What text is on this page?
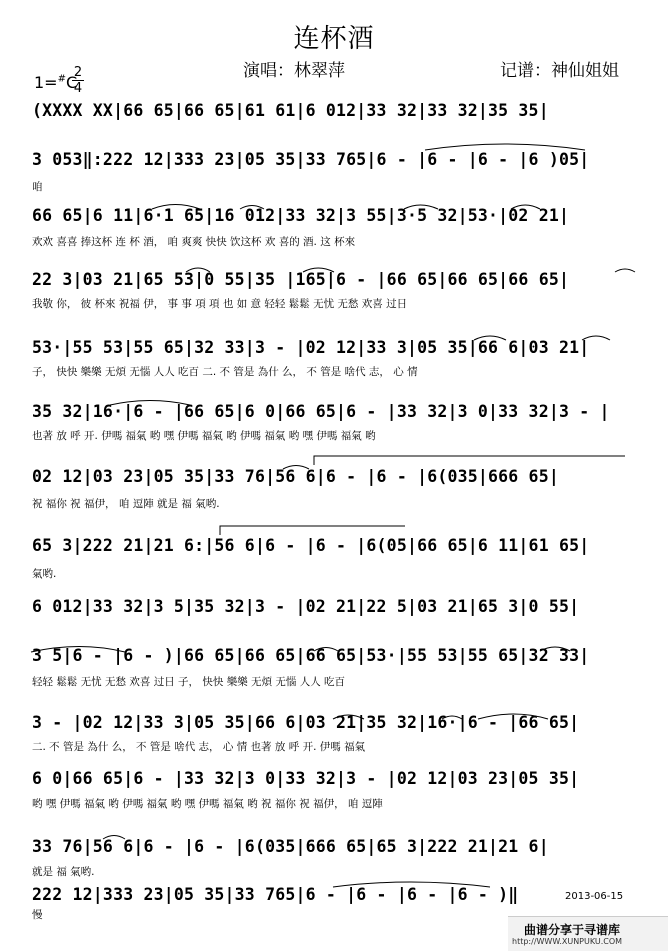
连杯酒
演唱：林翠萍	记谱：神仙姐姐
1=#C
2
4
(XXXX XX|66 65|66 65|61 61|6 012|33 32|33 32|35 35|
3 053‖:222 12|333 23|05 35|33 765|6 - |6 - |6 - |6 )05|
咱
66 65|6 11|6·1 65|16 012|33 32|3 55|3·5 32|53·|02 21|
欢欢 喜喜 捧这杯 连 杯 酒， 咱 爽爽 快快 饮这杯 欢 喜的 酒. 这 杯來
22 3|03 21|65 53|0 55|35 |165|6 - |66 65|66 65|66 65|
我敬 你， 彼 杯來 祝福 伊， 事 事 項 項 也 如 意 轻轻 鬆鬆 无忧 无愁 欢喜 过日
53·|55 53|55 65|32 33|3 - |02 12|33 3|05 35|66 6|03 21|
子， 快快 樂樂 无煩 无惱 人人 吃百 二. 不 管是 為什 么， 不 管是 啥代 志， 心 情
35 32|16·|6 - |66 65|6 0|66 65|6 - |33 32|3 0|33 32|3 - |
也著 放 呼 开. 伊嗎 福氣 哟 嘿 伊嗎 福氣 哟 伊嗎 福氣 哟 嘿 伊嗎 福氣 哟
02 12|03 23|05 35|33 76|56 6|6 - |6 - |6(035|666 65|
祝 福你 祝 福伊， 咱 逗陣 就是 福 氣哟.
65 3|222 21|21 6:|56 6|6 - |6 - |6(05|66 65|6 11|61 65|
氣哟.
6 012|33 32|3 5|35 32|3 - |02 21|22 5|03 21|65 3|0 55|
3 5|6 - |6 - )|66 65|66 65|66 65|53·|55 53|55 65|32 33|
轻轻 鬆鬆 无忧 无愁 欢喜 过日 子， 快快 樂樂 无煩 无惱 人人 吃百
3 - |02 12|33 3|05 35|66 6|03 21|35 32|16·|6 - |66 65|
二. 不 管是 為什 么， 不 管是 啥代 志， 心 情 也著 放 呼 开. 伊嗎 福氣
6 0|66 65|6 - |33 32|3 0|33 32|3 - |02 12|03 23|05 35|
哟 嘿 伊嗎 福氣 哟 伊嗎 福氣 哟 嘿 伊嗎 福氣 哟 祝 福你 祝 福伊， 咱 逗陣
33 76|56 6|6 - |6 - |6(035|666 65|65 3|222 21|21 6|
就是 福 氣哟.
222 12|333 23|05 35|33 765|6 - |6 - |6 - |6 - )‖
慢
2013-06-15
曲谱分享于寻谱库
http://WWW.XUNPUKU.COM
